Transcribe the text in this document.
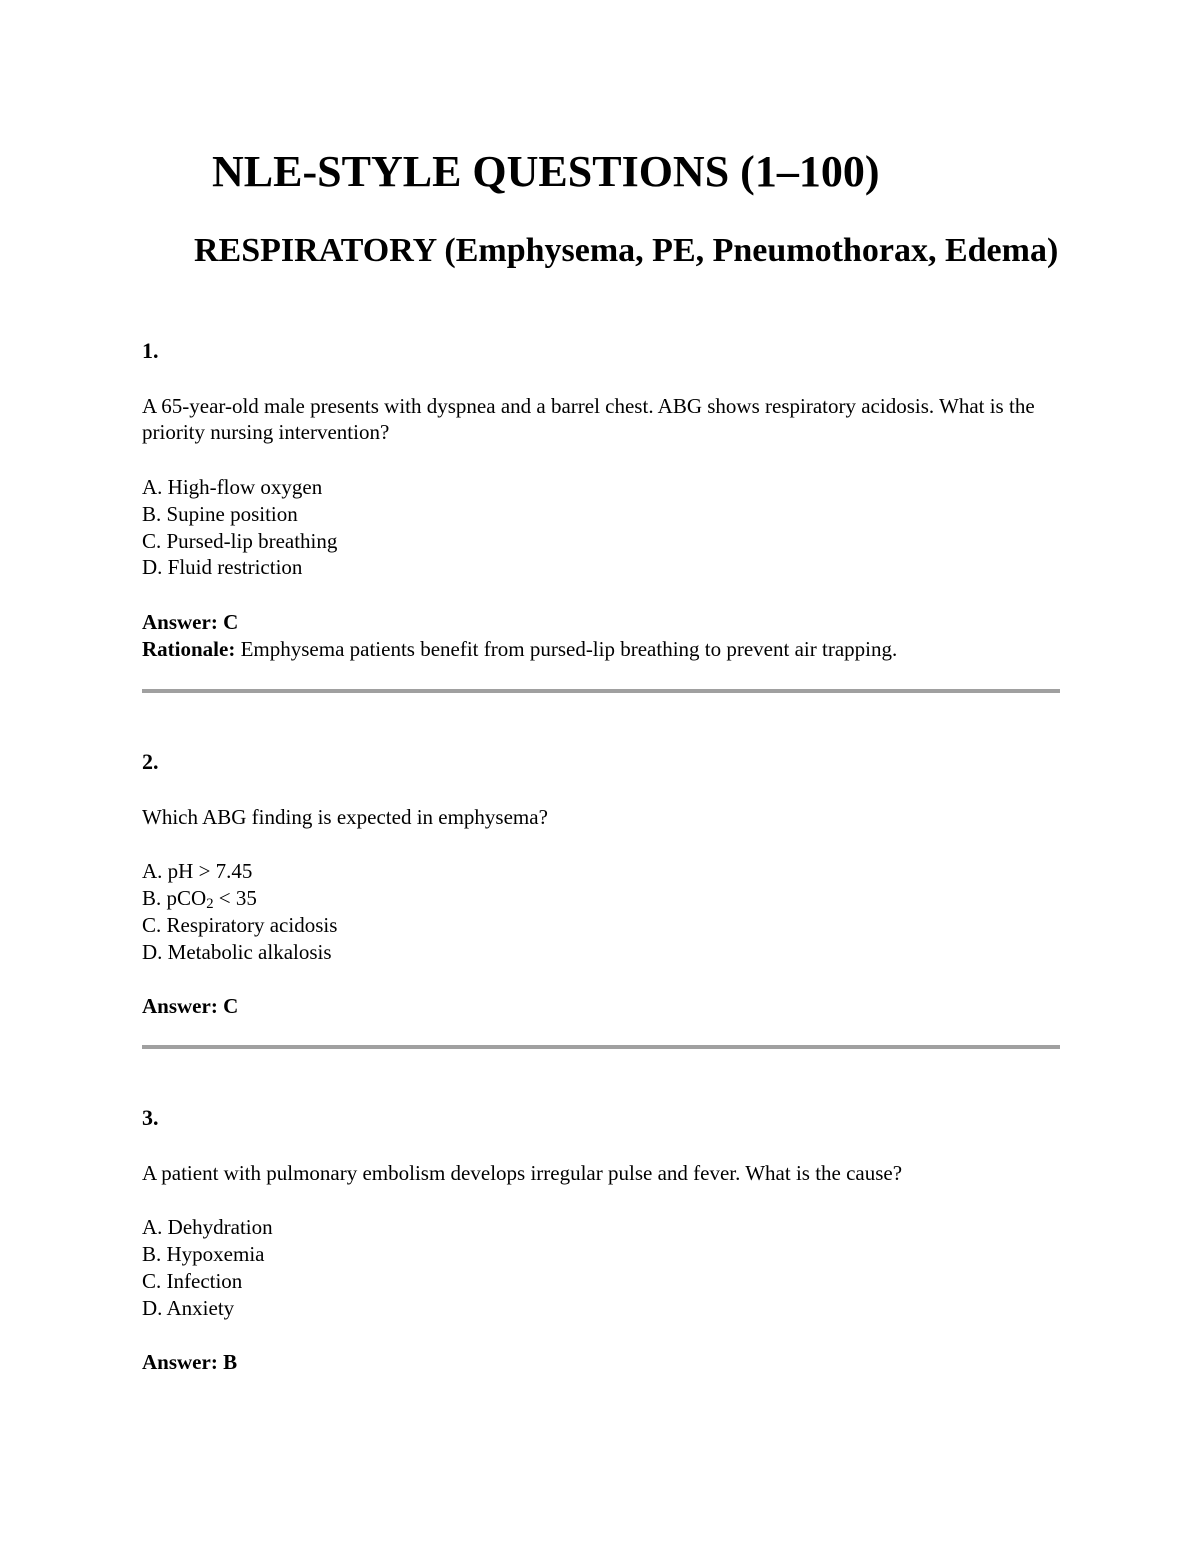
NLE-STYLE QUESTIONS (1–100)
RESPIRATORY (Emphysema, PE, Pneumothorax, Edema)

1.

A 65-year-old male presents with dyspnea and a barrel chest. ABG shows respiratory acidosis. What is the priority nursing intervention?

A. High-flow oxygen
B. Supine position
C. Pursed-lip breathing
D. Fluid restriction
Answer: C
Rationale: Emphysema patients benefit from pursed-lip breathing to prevent air trapping.

2.

Which ABG finding is expected in emphysema?

A. pH > 7.45
B. pCO$_2$ < 35
C. Respiratory acidosis
D. Metabolic alkalosis
Answer: C

3.

A patient with pulmonary embolism develops irregular pulse and fever. What is the cause?

A. Dehydration
B. Hypoxemia
C. Infection
D. Anxiety
Answer: B
